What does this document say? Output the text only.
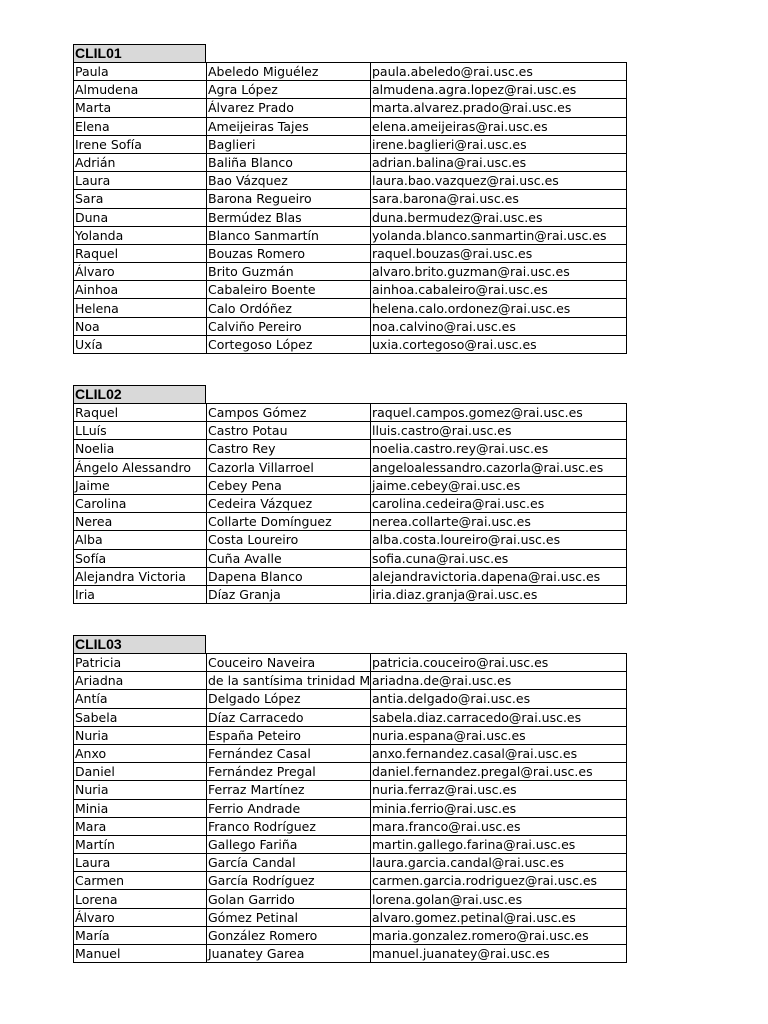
CLIL01
Paula	Abeledo Miguélez	paula.abeledo@rai.usc.es
Almudena	Agra López	almudena.agra.lopez@rai.usc.es
Marta	Álvarez Prado	marta.alvarez.prado@rai.usc.es
Elena	Ameijeiras Tajes	elena.ameijeiras@rai.usc.es
Irene Sofía	Baglieri	irene.baglieri@rai.usc.es
Adrián	Baliña Blanco	adrian.balina@rai.usc.es
Laura	Bao Vázquez	laura.bao.vazquez@rai.usc.es
Sara	Barona Regueiro	sara.barona@rai.usc.es
Duna	Bermúdez Blas	duna.bermudez@rai.usc.es
Yolanda	Blanco Sanmartín	yolanda.blanco.sanmartin@rai.usc.es
Raquel	Bouzas Romero	raquel.bouzas@rai.usc.es
Álvaro	Brito Guzmán	alvaro.brito.guzman@rai.usc.es
Ainhoa	Cabaleiro Boente	ainhoa.cabaleiro@rai.usc.es
Helena	Calo Ordóñez	helena.calo.ordonez@rai.usc.es
Noa	Calviño Pereiro	noa.calvino@rai.usc.es
Uxía	Cortegoso López	uxia.cortegoso@rai.usc.es
CLIL02
Raquel	Campos Gómez	raquel.campos.gomez@rai.usc.es
LLuís	Castro Potau	lluis.castro@rai.usc.es
Noelia	Castro Rey	noelia.castro.rey@rai.usc.es
Ángelo Alessandro	Cazorla Villarroel	angeloalessandro.cazorla@rai.usc.es
Jaime	Cebey Pena	jaime.cebey@rai.usc.es
Carolina	Cedeira Vázquez	carolina.cedeira@rai.usc.es
Nerea	Collarte Domínguez	nerea.collarte@rai.usc.es
Alba	Costa Loureiro	alba.costa.loureiro@rai.usc.es
Sofía	Cuña Avalle	sofia.cuna@rai.usc.es
Alejandra Victoria	Dapena Blanco	alejandravictoria.dapena@rai.usc.es
Iria	Díaz Granja	iria.diaz.granja@rai.usc.es
CLIL03
Patricia	Couceiro Naveira	patricia.couceiro@rai.usc.es
Ariadna	de la santísima trinidad M	ariadna.de@rai.usc.es
Antía	Delgado López	antia.delgado@rai.usc.es
Sabela	Díaz Carracedo	sabela.diaz.carracedo@rai.usc.es
Nuria	España Peteiro	nuria.espana@rai.usc.es
Anxo	Fernández Casal	anxo.fernandez.casal@rai.usc.es
Daniel	Fernández Pregal	daniel.fernandez.pregal@rai.usc.es
Nuria	Ferraz Martínez	nuria.ferraz@rai.usc.es
Minia	Ferrio Andrade	minia.ferrio@rai.usc.es
Mara	Franco Rodríguez	mara.franco@rai.usc.es
Martín	Gallego Fariña	martin.gallego.farina@rai.usc.es
Laura	García Candal	laura.garcia.candal@rai.usc.es
Carmen	García Rodríguez	carmen.garcia.rodriguez@rai.usc.es
Lorena	Golan Garrido	lorena.golan@rai.usc.es
Álvaro	Gómez Petinal	alvaro.gomez.petinal@rai.usc.es
María	González Romero	maria.gonzalez.romero@rai.usc.es
Manuel	Juanatey Garea	manuel.juanatey@rai.usc.es
